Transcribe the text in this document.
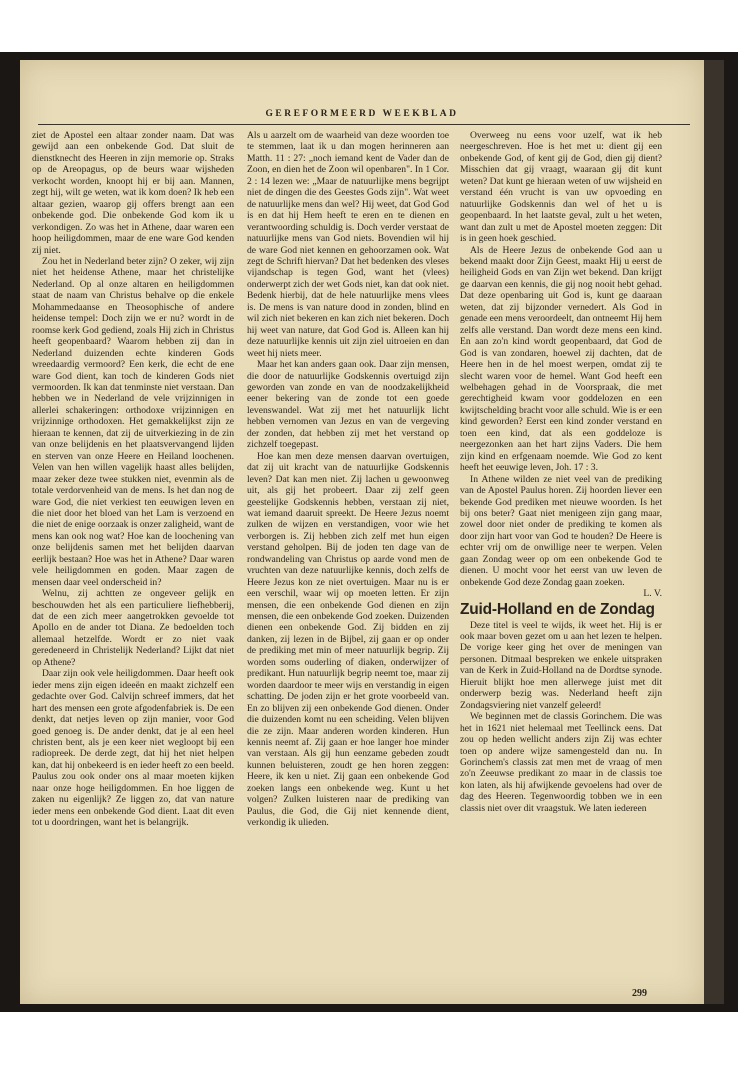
GEREFORMEERD WEEKBLAD

ziet de Apostel een altaar zonder naam. Dat was gewijd aan een onbekende God. Dat sluit de dienstknecht des Heeren in zijn memorie op. Straks op de Areopagus, op de beurs waar wijsheden verkocht worden, knoopt hij er bij aan. Mannen, zegt hij, wilt ge weten, wat ik kom doen? Ik heb een altaar gezien, waarop gij offers brengt aan een onbekende god. Die onbekende God kom ik u verkondigen. Zo was het in Athene, daar waren een hoop heiligdommen, maar de ene ware God kenden zij niet.

Zou het in Nederland beter zijn? O zeker, wij zijn niet het heidense Athene, maar het christelijke Nederland. Op al onze altaren en heiligdommen staat de naam van Christus behalve op die enkele Mohammedaanse en Theosophische of andere heidense tempel: Doch zijn we er nu? wordt in de roomse kerk God gediend, zoals Hij zich in Christus heeft geopenbaard? Waarom hebben zij dan in Nederland duizenden echte kinderen Gods wreedaardig vermoord? Een kerk, die echt de ene ware God dient, kan toch de kinderen Gods niet vermoorden. Ik kan dat tenminste niet verstaan. Dan hebben we in Nederland de vele vrijzinnigen in allerlei schakeringen: orthodoxe vrijzinnigen en vrijzinnige orthodoxen. Het gemakkelijkst zijn ze hieraan te kennen, dat zij de uitverkiezing in de zin van onze belijdenis en het plaatsvervangend lijden en sterven van onze Heere en Heiland loochenen. Velen van hen willen vagelijk haast alles belijden, maar zeker deze twee stukken niet, evenmin als de totale verdorvenheid van de mens. Is het dan nog de ware God, die niet verkiest ten eeuwigen leven en die niet door het bloed van het Lam is verzoend en die niet de enige oorzaak is onzer zaligheid, want de mens kan ook nog wat? Hoe kan de loochening van onze belijdenis samen met het belijden daarvan eerlijk bestaan? Hoe was het in Athene? Daar waren vele heiligdommen en goden. Maar zagen de mensen daar veel onderscheid in?

Welnu, zij achtten ze ongeveer gelijk en beschouwden het als een particuliere liefhebberij, dat de een zich meer aangetrokken gevoelde tot Apollo en de ander tot Diana. Ze bedoelden toch allemaal hetzelfde. Wordt er zo niet vaak geredeneerd in Christelijk Nederland? Lijkt dat niet op Athene?

Daar zijn ook vele heiligdommen. Daar heeft ook ieder mens zijn eigen ideeën en maakt zichzelf een gedachte over God. Calvijn schreef immers, dat het hart des mensen een grote afgodenfabriek is. De een denkt, dat netjes leven op zijn manier, voor God goed genoeg is. De ander denkt, dat je al een heel christen bent, als je een keer niet wegloopt bij een radiopreek. De derde zegt, dat hij het niet helpen kan, dat hij onbekeerd is en ieder heeft zo een beeld. Paulus zou ook onder ons al maar moeten kijken naar onze hoge heiligdommen. En hoe liggen de zaken nu eigenlijk? Ze liggen zo, dat van nature ieder mens een onbekende God dient. Laat dit even tot u doordringen, want het is belangrijk.

Als u aarzelt om de waarheid van deze woorden toe te stemmen, laat ik u dan mogen herinneren aan Matth. 11 : 27: „noch iemand kent de Vader dan de Zoon, en dien het de Zoon wil openbaren". In 1 Cor. 2 : 14 lezen we: „Maar de natuurlijke mens begrijpt niet de dingen die des Geestes Gods zijn". Wat weet de natuurlijke mens dan wel? Hij weet, dat God God is en dat hij Hem heeft te eren en te dienen en verantwoording schuldig is. Doch verder verstaat de natuurlijke mens van God niets. Bovendien wil hij de ware God niet kennen en gehoorzamen ook. Wat zegt de Schrift hiervan? Dat het bedenken des vleses vijandschap is tegen God, want het (vlees) onderwerpt zich der wet Gods niet, kan dat ook niet. Bedenk hierbij, dat de hele natuurlijke mens vlees is. De mens is van nature dood in zonden, blind en wil zich niet bekeren en kan zich niet bekeren. Doch hij weet van nature, dat God God is. Alleen kan hij deze natuurlijke kennis uit zijn ziel uitroeien en dan weet hij niets meer.

Maar het kan anders gaan ook. Daar zijn mensen, die door de natuurlijke Godskennis overtuigd zijn geworden van zonde en van de noodzakelijkheid eener bekering van de zonde tot een goede levenswandel. Wat zij met het natuurlijk licht hebben vernomen van Jezus en van de vergeving der zonden, dat hebben zij met het verstand op zichzelf toegepast.

Hoe kan men deze mensen daarvan overtuigen, dat zij uit kracht van de natuurlijke Godskennis leven? Dat kan men niet. Zij lachen u gewoonweg uit, als gij het probeert. Daar zij zelf geen geestelijke Godskennis hebben, verstaan zij niet, wat iemand daaruit spreekt. De Heere Jezus noemt zulken de wijzen en verstandigen, voor wie het verborgen is. Zij hebben zich zelf met hun eigen verstand geholpen. Bij de joden ten dage van de rondwandeling van Christus op aarde vond men de vruchten van deze natuurlijke kennis, doch zelfs de Heere Jezus kon ze niet overtuigen. Maar nu is er een verschil, waar wij op moeten letten. Er zijn mensen, die een onbekende God dienen en zijn mensen, die een onbekende God zoeken. Duizenden dienen een onbekende God. Zij bidden en zij danken, zij lezen in de Bijbel, zij gaan er op onder de prediking met min of meer natuurlijk begrip. Zij worden soms ouderling of diaken, onderwijzer of predikant. Hun natuurlijk begrip neemt toe, maar zij worden daardoor te meer wijs en verstandig in eigen schatting. De joden zijn er het grote voorbeeld van. En zo blijven zij een onbekende God dienen. Onder die duizenden komt nu een scheiding. Velen blijven die ze zijn. Maar anderen worden kinderen. Hun kennis neemt af. Zij gaan er hoe langer hoe minder van verstaan. Als gij hun eenzame gebeden zoudt kunnen beluisteren, zoudt ge hen horen zeggen: Heere, ik ken u niet. Zij gaan een onbekende God zoeken langs een onbekende weg. Kunt u het volgen? Zulken luisteren naar de prediking van Paulus, die God, die Gij niet kennende dient, verkondig ik ulieden.

Overweeg nu eens voor uzelf, wat ik heb neergeschreven. Hoe is het met u: dient gij een onbekende God, of kent gij de God, dien gij dient? Misschien dat gij vraagt, waaraan gij dit kunt weten? Dat kunt ge hieraan weten of uw wijsheid en verstand één vrucht is van uw opvoeding en natuurlijke Godskennis dan wel of het u is geopenbaard. In het laatste geval, zult u het weten, want dan zult u met de Apostel moeten zeggen: Dit is in geen hoek geschied.

Als de Heere Jezus de onbekende God aan u bekend maakt door Zijn Geest, maakt Hij u eerst de heiligheid Gods en van Zijn wet bekend. Dan krijgt ge daarvan een kennis, die gij nog nooit hebt gehad. Dat deze openbaring uit God is, kunt ge daaraan weten, dat zij bijzonder vernedert. Als God in genade een mens veroordeelt, dan ontneemt Hij hem zelfs alle verstand. Dan wordt deze mens een kind. En aan zo'n kind wordt geopenbaard, dat God de God is van zondaren, hoewel zij dachten, dat de Heere hen in de hel moest werpen, omdat zij te slecht waren voor de hemel. Want God heeft een welbehagen gehad in de Voorspraak, die met gerechtigheid kwam voor goddelozen en een kwijtschelding bracht voor alle schuld. Wie is er een kind geworden? Eerst een kind zonder verstand en toen een kind, dat als een goddeloze is neergezonken aan het hart zijns Vaders. Die hem zijn kind en erfgenaam noemde. Wie God zo kent heeft het eeuwige leven, Joh. 17 : 3.

In Athene wilden ze niet veel van de prediking van de Apostel Paulus horen. Zij hoorden liever een bekende God prediken met nieuwe woorden. Is het bij ons beter? Gaat niet menigeen zijn gang maar, zowel door niet onder de prediking te komen als door zijn hart voor van God te houden? De Heere is echter vrij om de onwillige neer te werpen. Velen gaan Zondag weer op om een onbekende God te dienen. U mocht voor het eerst van uw leven de onbekende God deze Zondag gaan zoeken.

L. V.

Zuid-Holland en de Zondag

Deze titel is veel te wijds, ik weet het. Hij is er ook maar boven gezet om u aan het lezen te helpen. De vorige keer ging het over de meningen van personen. Ditmaal bespreken we enkele uitspraken van de Kerk in Zuid-Holland na de Dordtse synode. Hieruit blijkt hoe men allerwege juist met dit onderwerp bezig was. Nederland heeft zijn Zondagsviering niet vanzelf geleerd!

We beginnen met de classis Gorinchem. Die was het in 1621 niet helemaal met Teellinck eens. Dat zou op heden wellicht anders zijn Zij was echter toen op andere wijze samengesteld dan nu. In Gorinchem's classis zat men met de vraag of men zo'n Zeeuwse predikant zo maar in de classis toe kon laten, als hij afwijkende gevoelens had over de dag des Heeren. Tegenwoordig tobben we in een classis niet over dit vraagstuk. We laten iedereen

299
